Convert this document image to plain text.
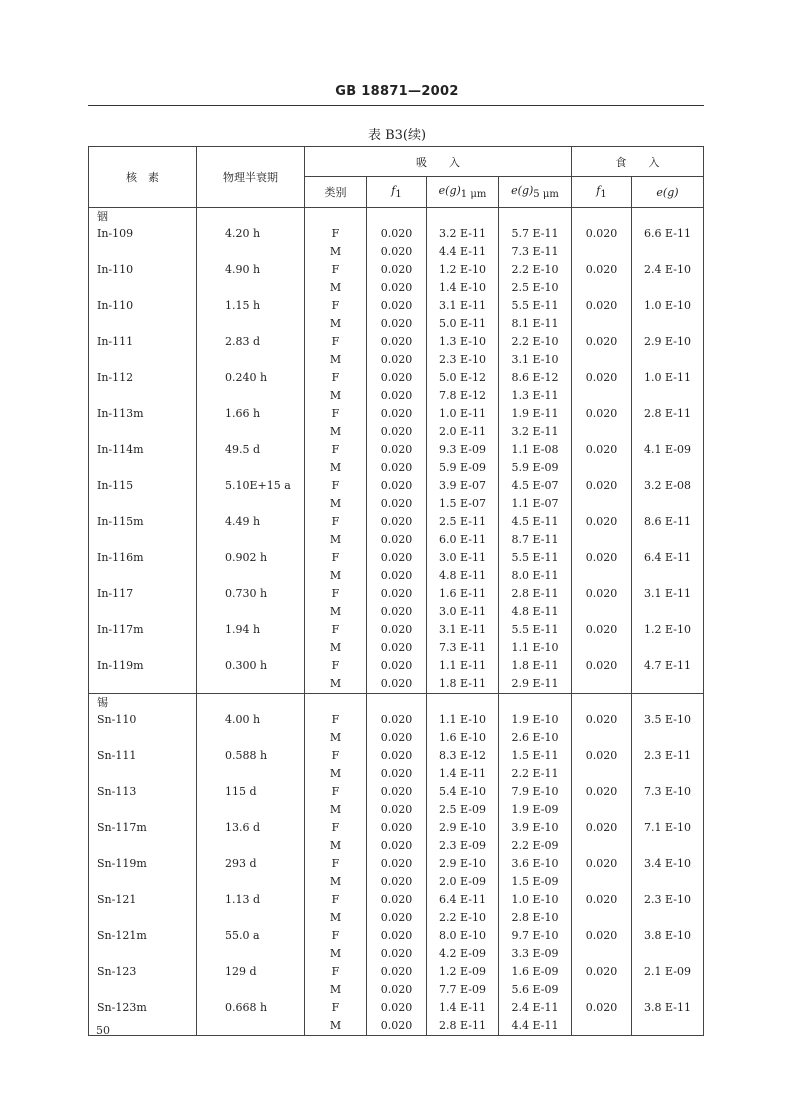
GB 18871—2002
表 B3(续)
核　素	物理半衰期	吸　　入				食　　入	
		类别	$f_1$	$e(g)_{1 \mu m}$	$e(g)_{5 \mu m}$	$f_1$	e(g)
铟							
In-109	4.20 h	F	0.020	3.2 E-11	5.7 E-11	0.020	6.6 E-11
		M	0.020	4.4 E-11	7.3 E-11		
In-110	4.90 h	F	0.020	1.2 E-10	2.2 E-10	0.020	2.4 E-10
		M	0.020	1.4 E-10	2.5 E-10		
In-110	1.15 h	F	0.020	3.1 E-11	5.5 E-11	0.020	1.0 E-10
		M	0.020	5.0 E-11	8.1 E-11		
In-111	2.83 d	F	0.020	1.3 E-10	2.2 E-10	0.020	2.9 E-10
		M	0.020	2.3 E-10	3.1 E-10		
In-112	0.240 h	F	0.020	5.0 E-12	8.6 E-12	0.020	1.0 E-11
		M	0.020	7.8 E-12	1.3 E-11		
In-113m	1.66 h	F	0.020	1.0 E-11	1.9 E-11	0.020	2.8 E-11
		M	0.020	2.0 E-11	3.2 E-11		
In-114m	49.5 d	F	0.020	9.3 E-09	1.1 E-08	0.020	4.1 E-09
		M	0.020	5.9 E-09	5.9 E-09		
In-115	5.10E+15 a	F	0.020	3.9 E-07	4.5 E-07	0.020	3.2 E-08
		M	0.020	1.5 E-07	1.1 E-07		
In-115m	4.49 h	F	0.020	2.5 E-11	4.5 E-11	0.020	8.6 E-11
		M	0.020	6.0 E-11	8.7 E-11		
In-116m	0.902 h	F	0.020	3.0 E-11	5.5 E-11	0.020	6.4 E-11
		M	0.020	4.8 E-11	8.0 E-11		
In-117	0.730 h	F	0.020	1.6 E-11	2.8 E-11	0.020	3.1 E-11
		M	0.020	3.0 E-11	4.8 E-11		
In-117m	1.94 h	F	0.020	3.1 E-11	5.5 E-11	0.020	1.2 E-10
		M	0.020	7.3 E-11	1.1 E-10		
In-119m	0.300 h	F	0.020	1.1 E-11	1.8 E-11	0.020	4.7 E-11
		M	0.020	1.8 E-11	2.9 E-11		
锡							
Sn-110	4.00 h	F	0.020	1.1 E-10	1.9 E-10	0.020	3.5 E-10
		M	0.020	1.6 E-10	2.6 E-10		
Sn-111	0.588 h	F	0.020	8.3 E-12	1.5 E-11	0.020	2.3 E-11
		M	0.020	1.4 E-11	2.2 E-11		
Sn-113	115 d	F	0.020	5.4 E-10	7.9 E-10	0.020	7.3 E-10
		M	0.020	2.5 E-09	1.9 E-09		
Sn-117m	13.6 d	F	0.020	2.9 E-10	3.9 E-10	0.020	7.1 E-10
		M	0.020	2.3 E-09	2.2 E-09		
Sn-119m	293 d	F	0.020	2.9 E-10	3.6 E-10	0.020	3.4 E-10
		M	0.020	2.0 E-09	1.5 E-09		
Sn-121	1.13 d	F	0.020	6.4 E-11	1.0 E-10	0.020	2.3 E-10
		M	0.020	2.2 E-10	2.8 E-10		
Sn-121m	55.0 a	F	0.020	8.0 E-10	9.7 E-10	0.020	3.8 E-10
		M	0.020	4.2 E-09	3.3 E-09		
Sn-123	129 d	F	0.020	1.2 E-09	1.6 E-09	0.020	2.1 E-09
		M	0.020	7.7 E-09	5.6 E-09		
Sn-123m	0.668 h	F	0.020	1.4 E-11	2.4 E-11	0.020	3.8 E-11
		M	0.020	2.8 E-11	4.4 E-11		
50
